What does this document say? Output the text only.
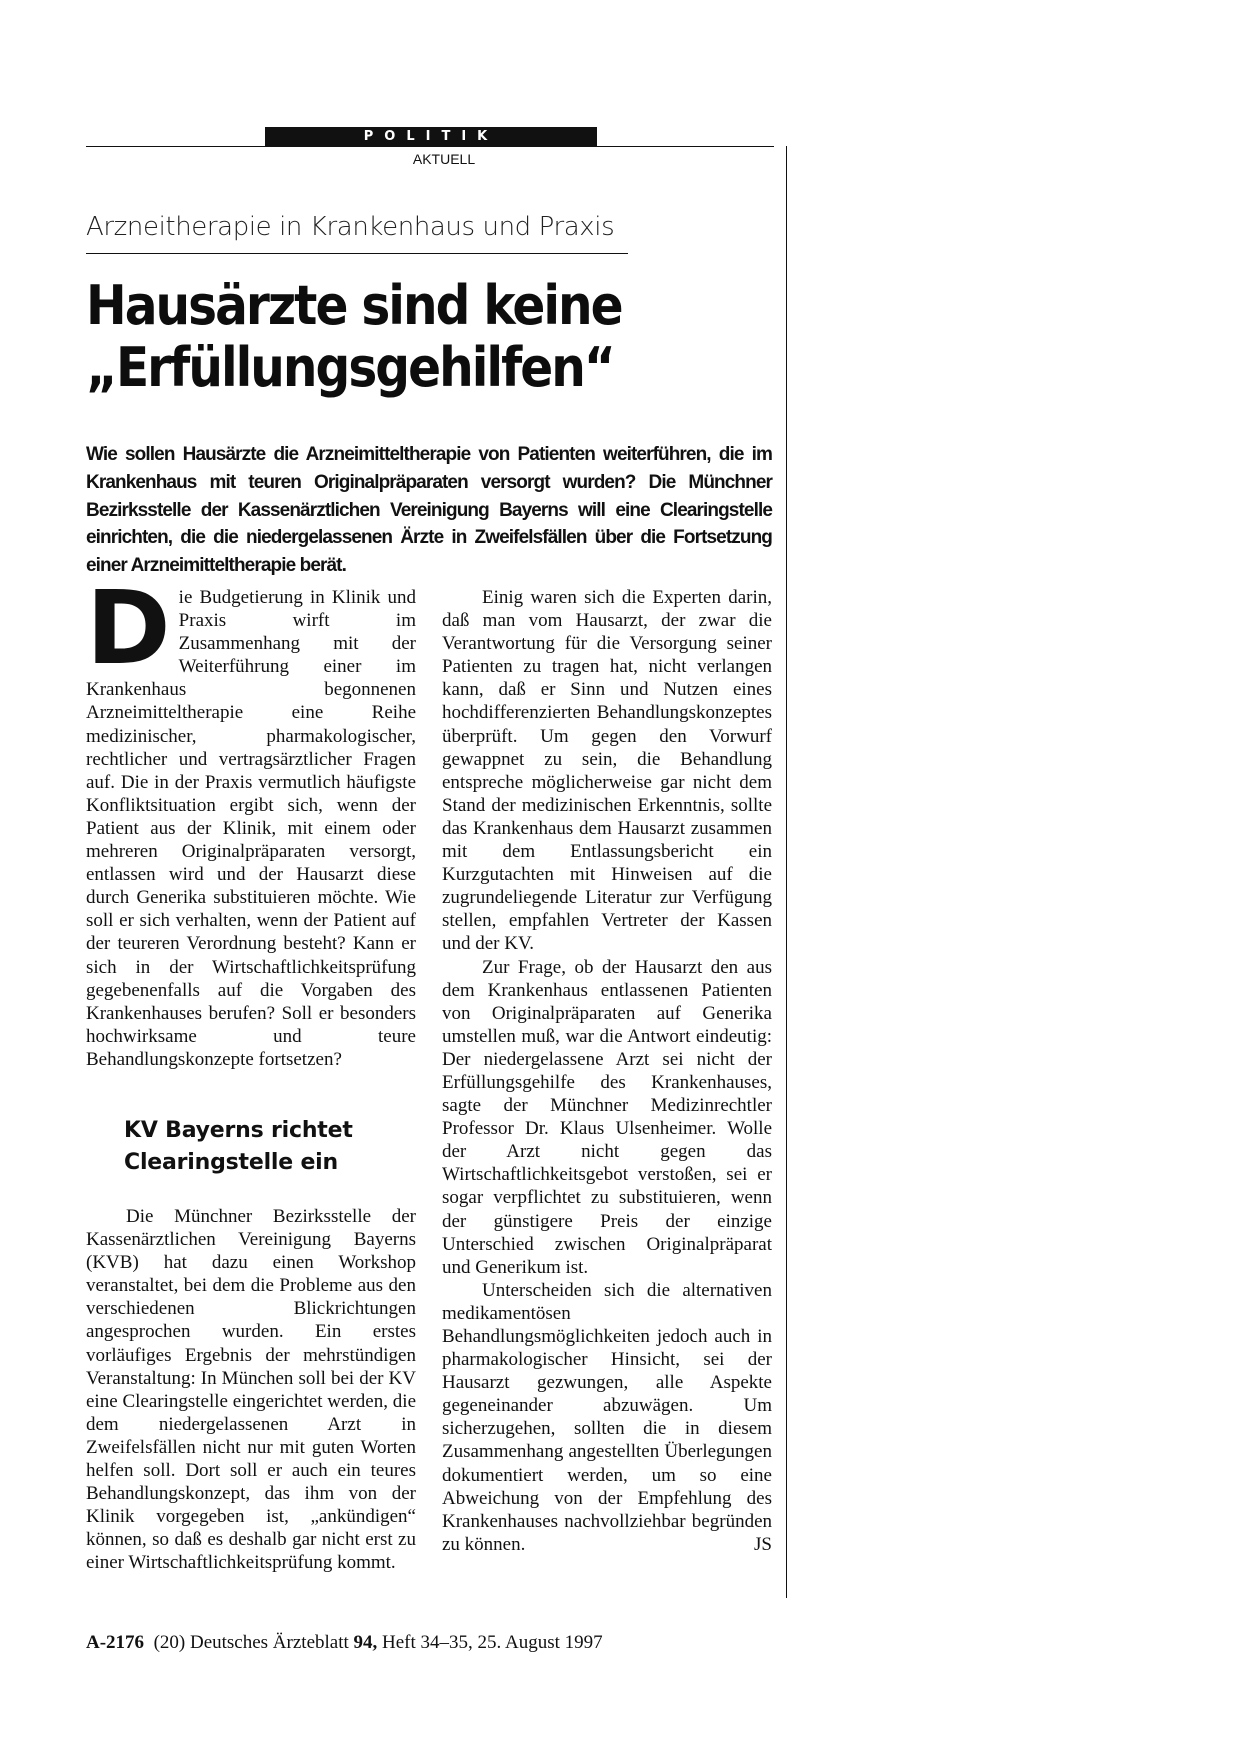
POLITIK
AKTUELL
Arzneitherapie in Krankenhaus und Praxis
Hausärzte sind keine
„Erfüllungsgehilfen“

Wie sollen Hausärzte die Arzneimitteltherapie von Patienten weiterführen, die im Krankenhaus mit teuren Originalpräparaten versorgt wurden? Die Münchner Bezirksstelle der Kassenärztlichen Vereinigung Bayerns will eine Clearingstelle einrichten, die die niedergelassenen Ärzte in Zweifelsfällen über die Fortsetzung einer Arzneimitteltherapie berät.

Die Budgetierung in Klinik und Praxis wirft im Zusammenhang mit der Weiterführung einer im Krankenhaus begonnenen Arzneimitteltherapie eine Reihe medizinischer, pharmakologischer, rechtlicher und vertragsärztlicher Fragen auf. Die in der Praxis vermutlich häufigste Konfliktsituation ergibt sich, wenn der Patient aus der Klinik, mit einem oder mehreren Originalpräparaten versorgt, entlassen wird und der Hausarzt diese durch Generika substituieren möchte. Wie soll er sich verhalten, wenn der Patient auf der teureren Verordnung besteht? Kann er sich in der Wirtschaftlichkeitsprüfung gegebenenfalls auf die Vorgaben des Krankenhauses berufen? Soll er besonders hochwirksame und teure Behandlungskonzepte fortsetzen?

KV Bayerns richtet
Clearingstelle ein

Die Münchner Bezirksstelle der Kassenärztlichen Vereinigung Bayerns (KVB) hat dazu einen Workshop veranstaltet, bei dem die Probleme aus den verschiedenen Blickrichtungen angesprochen wurden. Ein erstes vorläufiges Ergebnis der mehrstündigen Veranstaltung: In München soll bei der KV eine Clearingstelle eingerichtet werden, die dem niedergelassenen Arzt in Zweifelsfällen nicht nur mit guten Worten helfen soll. Dort soll er auch ein teures Behandlungskonzept, das ihm von der Klinik vorgegeben ist, „ankündigen“ können, so daß es deshalb gar nicht erst zu einer Wirtschaftlichkeitsprüfung kommt.

Einig waren sich die Experten darin, daß man vom Hausarzt, der zwar die Verantwortung für die Versorgung seiner Patienten zu tragen hat, nicht verlangen kann, daß er Sinn und Nutzen eines hochdifferenzierten Behandlungskonzeptes überprüft. Um gegen den Vorwurf gewappnet zu sein, die Behandlung entspreche möglicherweise gar nicht dem Stand der medizinischen Erkenntnis, sollte das Krankenhaus dem Hausarzt zusammen mit dem Entlassungsbericht ein Kurzgutachten mit Hinweisen auf die zugrundeliegende Literatur zur Verfügung stellen, empfahlen Vertreter der Kassen und der KV.

Zur Frage, ob der Hausarzt den aus dem Krankenhaus entlassenen Patienten von Originalpräparaten auf Generika umstellen muß, war die Antwort eindeutig: Der niedergelassene Arzt sei nicht der Erfüllungsgehilfe des Krankenhauses, sagte der Münchner Medizinrechtler Professor Dr. Klaus Ulsenheimer. Wolle der Arzt nicht gegen das Wirtschaftlichkeitsgebot verstoßen, sei er sogar verpflichtet zu substituieren, wenn der günstigere Preis der einzige Unterschied zwischen Originalpräparat und Generikum ist.

Unterscheiden sich die alternativen medikamentösen Behandlungsmöglichkeiten jedoch auch in pharmakologischer Hinsicht, sei der Hausarzt gezwungen, alle Aspekte gegeneinander abzuwägen. Um sicherzugehen, sollten die in diesem Zusammenhang angestellten Überlegungen dokumentiert werden, um so eine Abweichung von der Empfehlung des Krankenhauses nachvollziehbar begründen zu können.	JS

A-2176 (20) Deutsches Ärzteblatt 94, Heft 34–35, 25. August 1997
